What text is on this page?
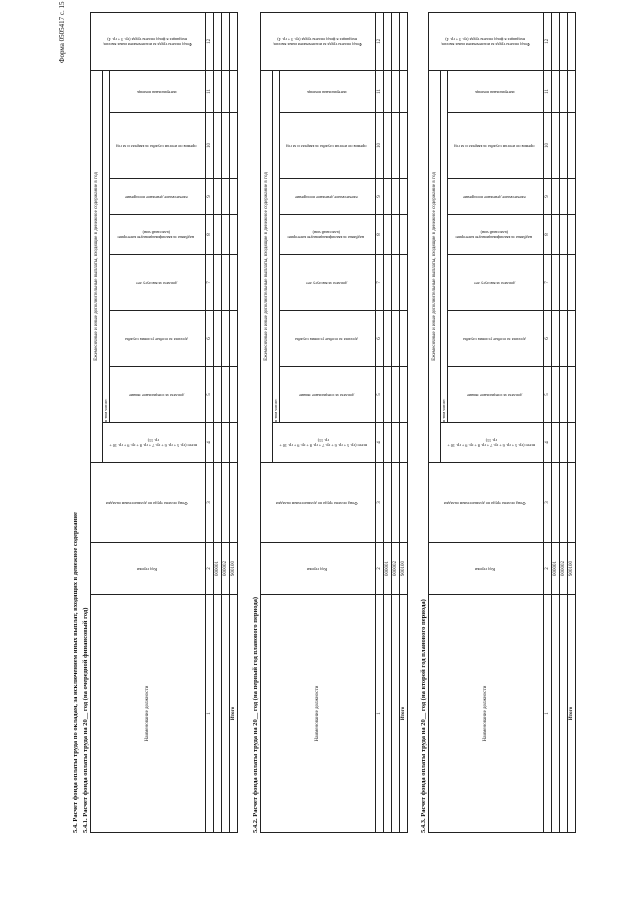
Форма 0505417 с. 15
5.4. Расчет фонда оплаты труда по окладам, за исключением иных выплат, входящих в денежное содержание 5.4.1. Расчет фонда оплаты труда на 20__ год (на очередной финансовый год)	5.4.2. Расчет фонда оплаты труда на 20__ год (на первый год планового периода)	5.4.3. Расчет фонда оплаты труда на 20__ год (на второй год планового периода)
Наименование должности	Код строки	Фонд оплаты труда по должностным окладам	Ежемесячные и иные дополнительные выплаты, входящие в денежное содержание в год								Фонд оплаты труда за исключением иных выплат, входящих в фонд оплаты труда (гр. 3 + гр. 4)
			всего (гр. 5 + гр. 6 + гр. 7 + гр. 8 + гр. 9 + гр. 10 + гр. 11)	в том числе:							
				доплата за специальное звание	доплата за особые условия службы	доплата за выслугу лет	надбавка за квалификационную категорию (классный чин)	ежемесячное денежное поощрение	премия по итогам службы за квартал и за год	материальная помощь	
1	2	3	4	5	6	7	8	9	10	11	12
	000001										
	000002										
Итого	900100										
Наименование должности	Код строки	Фонд оплаты труда по должностным окладам	Ежемесячные и иные дополнительные выплаты, входящие в денежное содержание в год								Фонд оплаты труда за исключением иных выплат, входящих в фонд оплаты труда (гр. 3 + гр. 4)
			всего (гр. 5 + гр. 6 + гр. 7 + гр. 8 + гр. 9 + гр. 10 + гр. 11)	в том числе:							
				доплата за специальное звание	доплата за особые условия службы	доплата за выслугу лет	надбавка за квалификационную категорию (классный чин)	ежемесячное денежное поощрение	премия по итогам службы за квартал и за год	материальная помощь	
1	2	3	4	5	6	7	8	9	10	11	12
	000001										
	000002										
Итого	900100										
Наименование должности	Код строки	Фонд оплаты труда по должностным окладам	Ежемесячные и иные дополнительные выплаты, входящие в денежное содержание в год								Фонд оплаты труда за исключением иных выплат, входящих в фонд оплаты труда (гр. 3 + гр. 4)
			всего (гр. 5 + гр. 6 + гр. 7 + гр. 8 + гр. 9 + гр. 10 + гр. 11)	в том числе:							
				доплата за специальное звание	доплата за особые условия службы	доплата за выслугу лет	надбавка за квалификационную категорию (классный чин)	ежемесячное денежное поощрение	премия по итогам службы за квартал и за год	материальная помощь	
1	2	3	4	5	6	7	8	9	10	11	12
	000001										
	000002										
Итого	900100										
